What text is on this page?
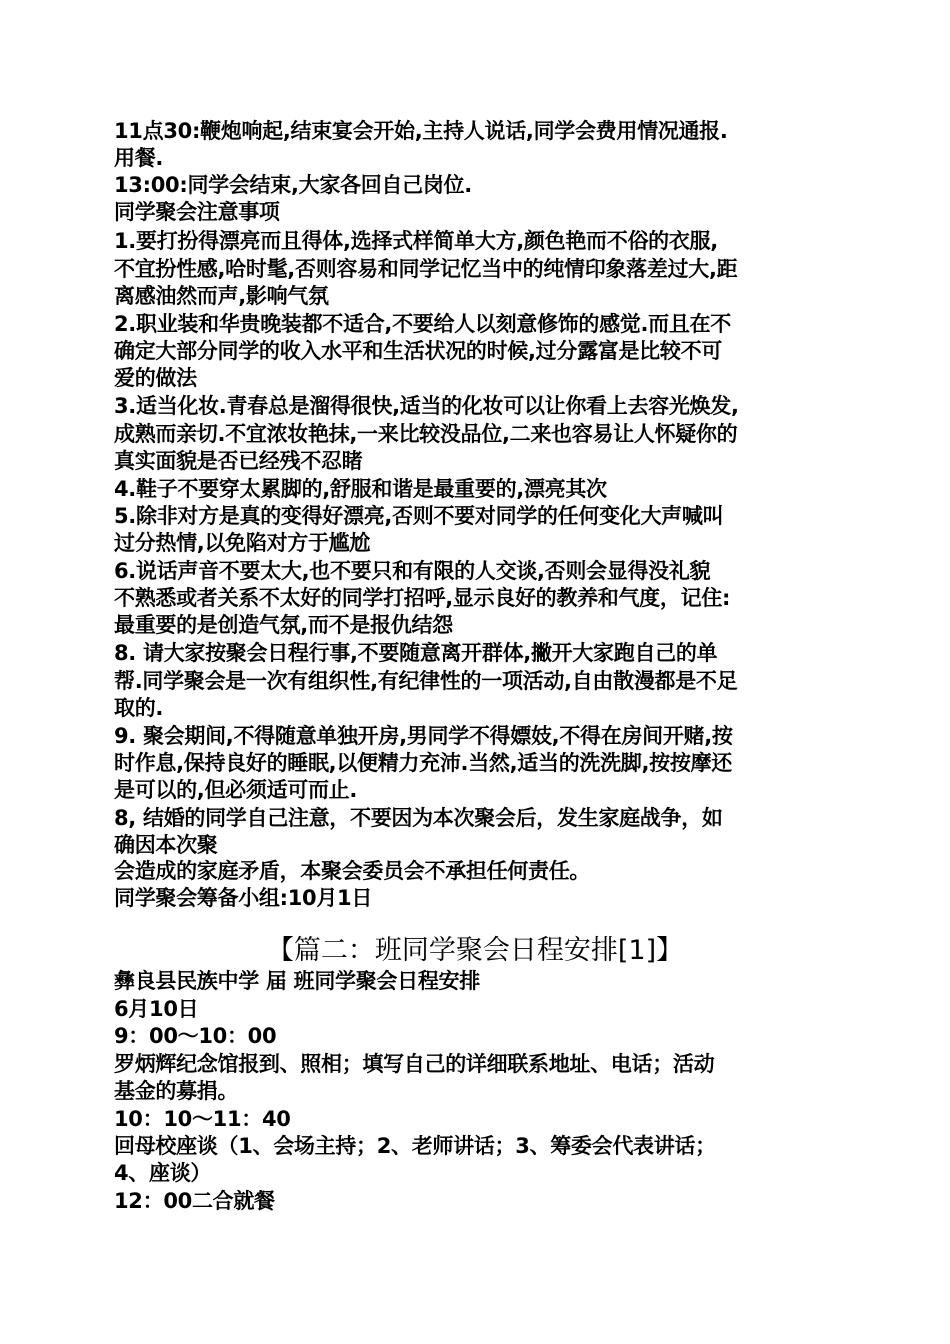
11点30:鞭炮响起,结束宴会开始,主持人说话,同学会费用情况通报.

用餐.

13:00:同学会结束,大家各回自己岗位.

同学聚会注意事项

1.要打扮得漂亮而且得体,选择式样简单大方,颜色艳而不俗的衣服,

不宜扮性感,哈时髦,否则容易和同学记忆当中的纯情印象落差过大,距

离感油然而声,影响气氛

2.职业装和华贵晚装都不适合,不要给人以刻意修饰的感觉.而且在不

确定大部分同学的收入水平和生活状况的时候,过分露富是比较不可

爱的做法

3.适当化妆.青春总是溜得很快,适当的化妆可以让你看上去容光焕发,

成熟而亲切.不宜浓妆艳抹,一来比较没品位,二来也容易让人怀疑你的

真实面貌是否已经残不忍睹

4.鞋子不要穿太累脚的,舒服和谐是最重要的,漂亮其次

5.除非对方是真的变得好漂亮,否则不要对同学的任何变化大声喊叫

过分热情,以免陷对方于尴尬

6.说话声音不要太大,也不要只和有限的人交谈,否则会显得没礼貌

不熟悉或者关系不太好的同学打招呼,显示良好的教养和气度，记住:

最重要的是创造气氛,而不是报仇结怨

8. 请大家按聚会日程行事,不要随意离开群体,撇开大家跑自己的单

帮.同学聚会是一次有组织性,有纪律性的一项活动,自由散漫都是不足

取的.

9. 聚会期间,不得随意单独开房,男同学不得嫖妓,不得在房间开赌,按

时作息,保持良好的睡眠,以便精力充沛.当然,适当的洗洗脚,按按摩还

是可以的,但必须适可而止.

8, 结婚的同学自己注意，不要因为本次聚会后，发生家庭战争，如

确因本次聚

会造成的家庭矛盾，本聚会委员会不承担任何责任。

同学聚会筹备小组:10月1日

【篇二：班同学聚会日程安排[1]】

彝良县民族中学 届 班同学聚会日程安排

6月10日

9：00～10：00

罗炳辉纪念馆报到、照相；填写自己的详细联系地址、电话；活动

基金的募捐。

10：10～11：40

回母校座谈（1、会场主持；2、老师讲话；3、筹委会代表讲话；

4、座谈）

12：00二合就餐
